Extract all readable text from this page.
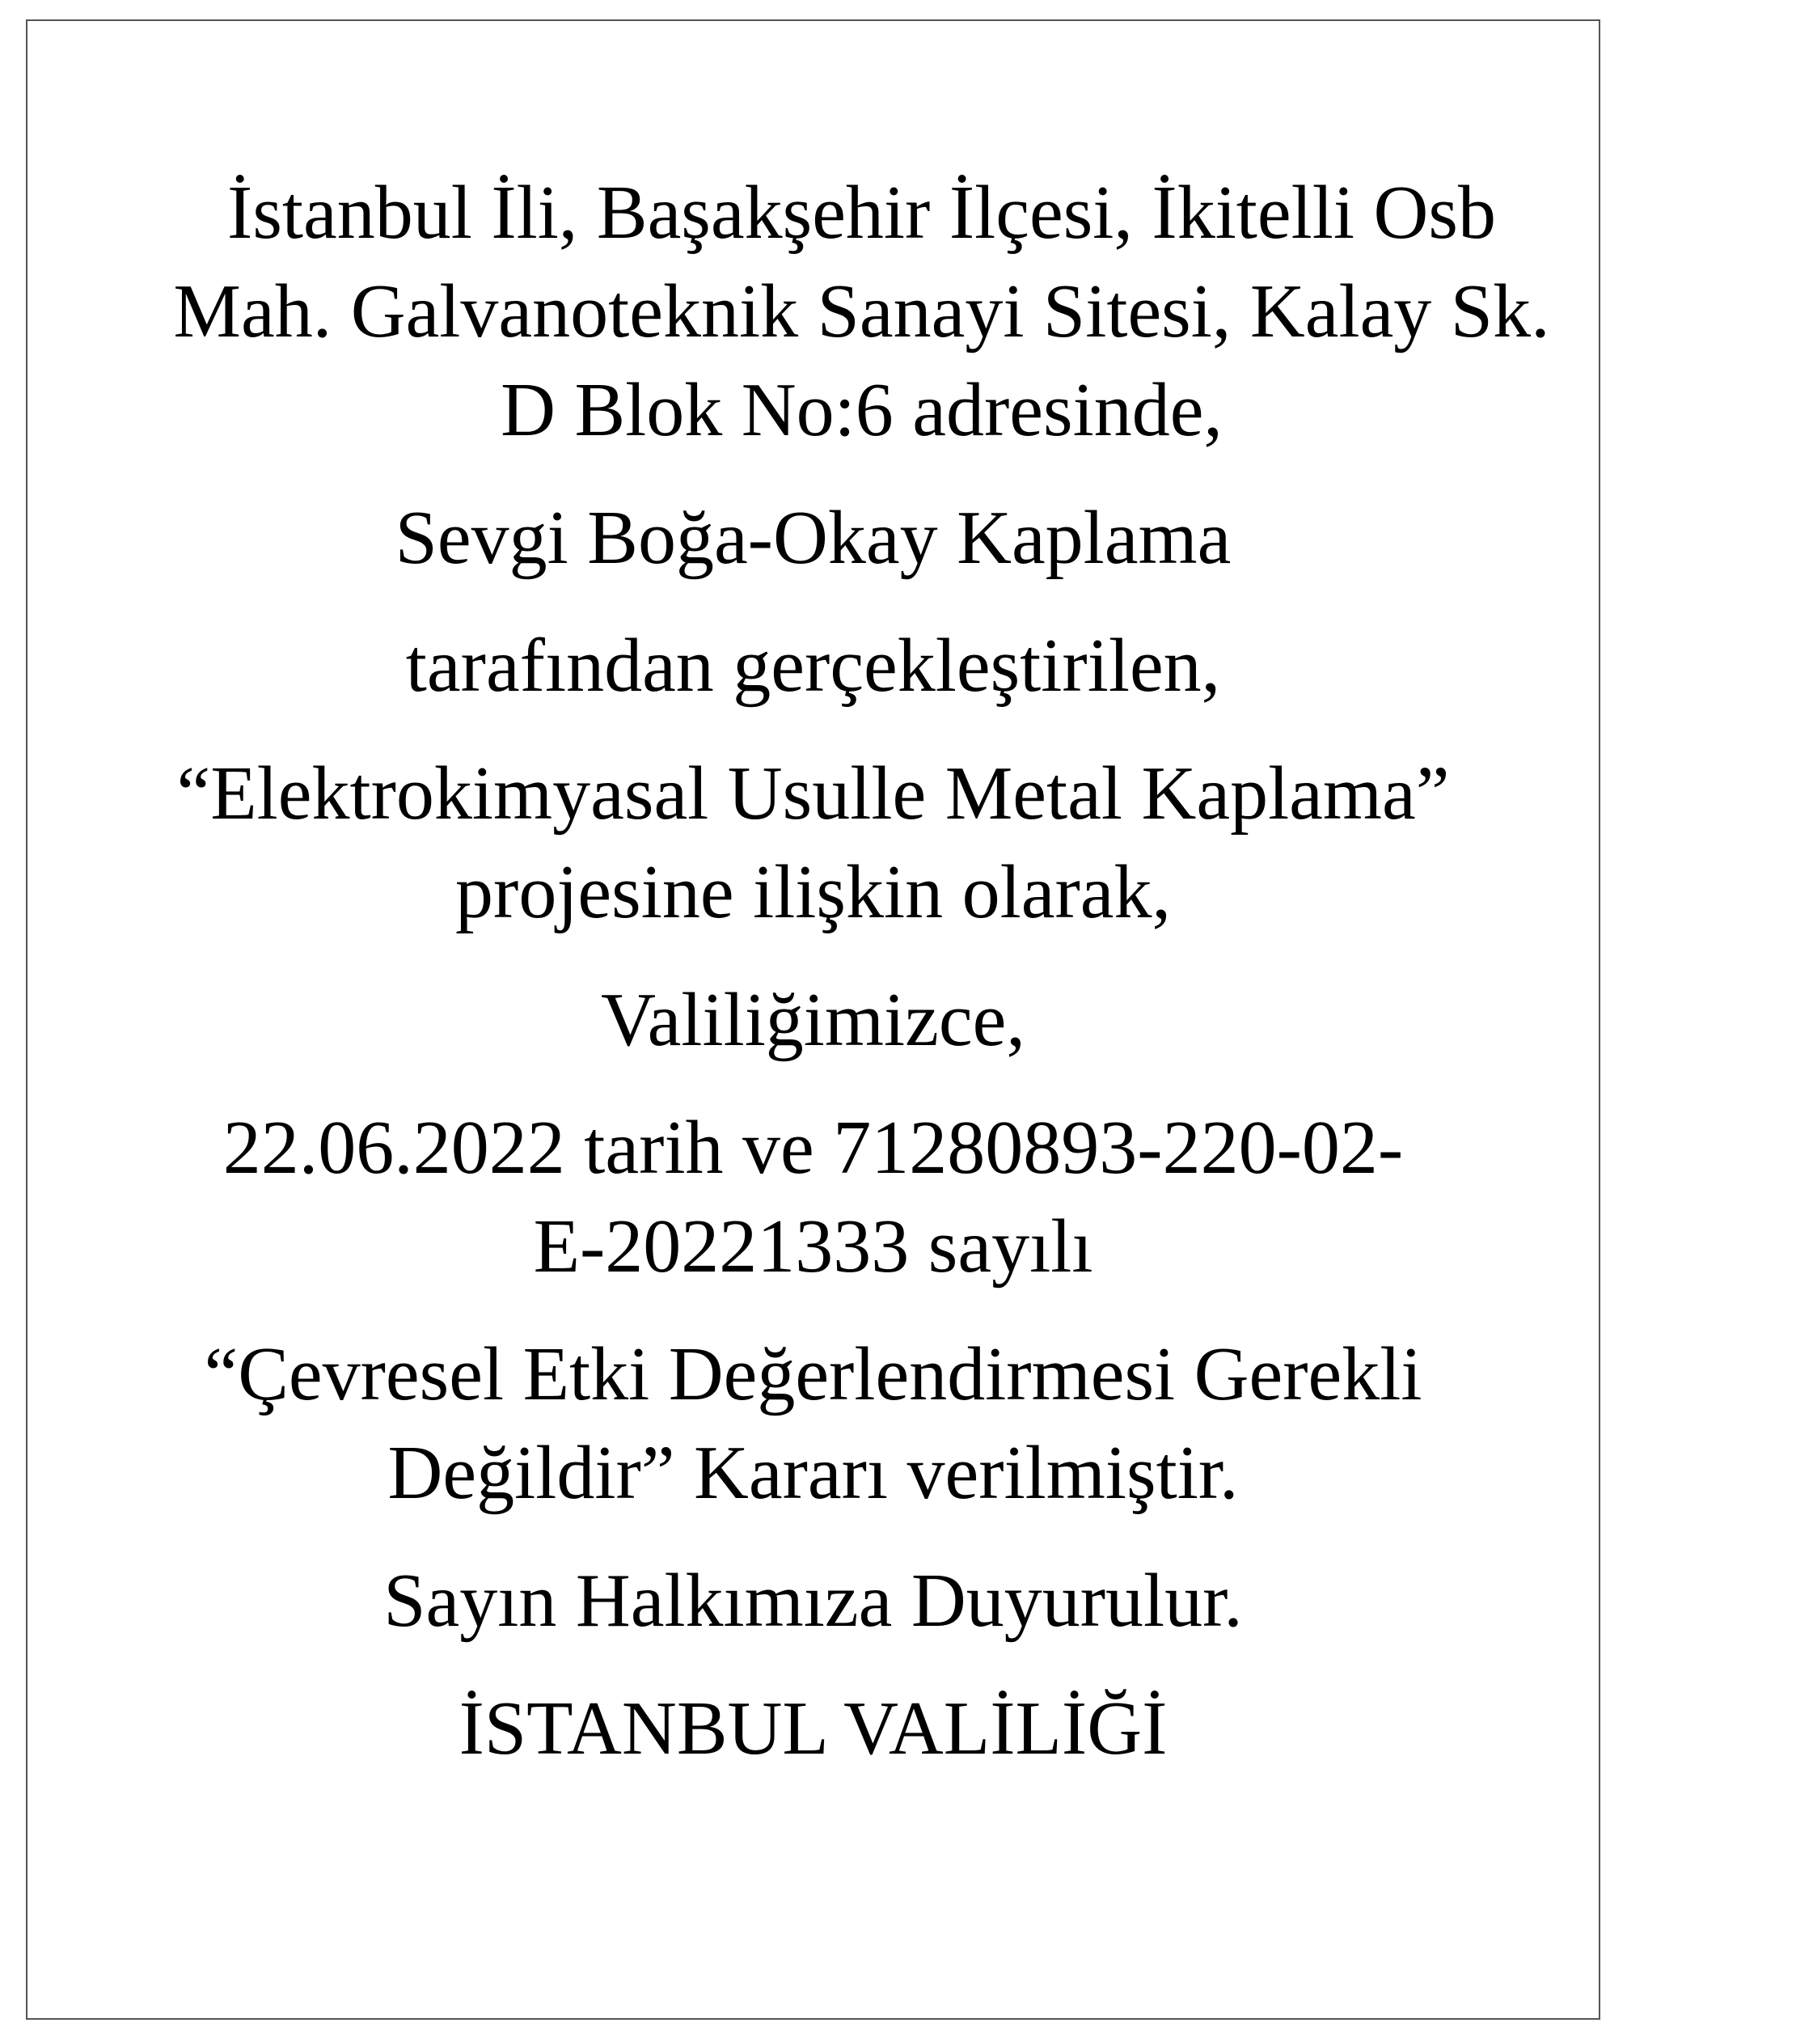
İstanbul İli, Başakşehir İlçesi, İkitelli Osb
Mah. Galvanoteknik Sanayi Sitesi, Kalay Sk.
D Blok No:6 adresinde,

Sevgi Boğa-Okay Kaplama

tarafından gerçekleştirilen,

“Elektrokimyasal Usulle Metal Kaplama”
projesine ilişkin olarak,

Valiliğimizce,

22.06.2022 tarih ve 71280893-220-02-
E-20221333 sayılı

“Çevresel Etki Değerlendirmesi Gerekli
Değildir” Kararı verilmiştir.

Sayın Halkımıza Duyurulur.

İSTANBUL VALİLİĞİ
